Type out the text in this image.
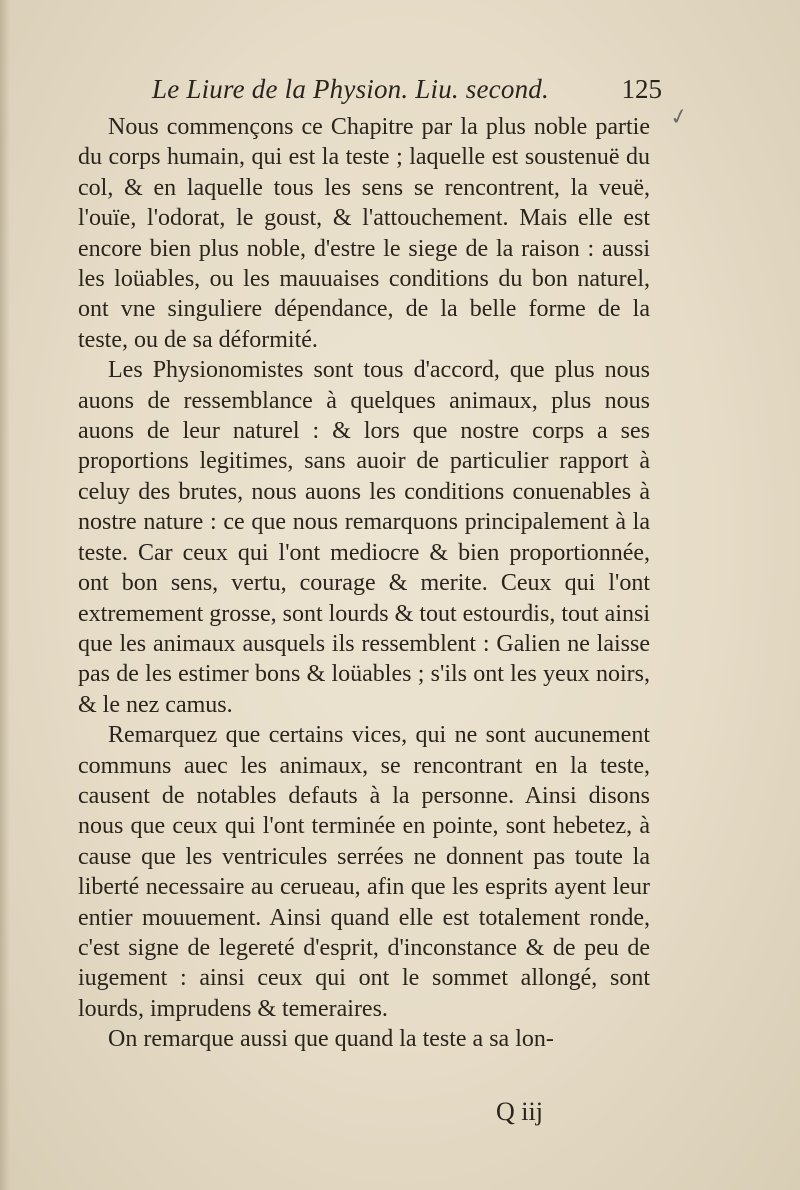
Le Liure de la Physion. Liu. second.	125
✓

Nous commençons ce Chapitre par la plus noble partie du corps humain, qui est la teste ; laquelle est soustenuë du col, & en laquelle tous les sens se rencontrent, la veuë, l'ouïe, l'odorat, le goust, & l'attouchement. Mais elle est encore bien plus noble, d'estre le siege de la raison : aussi les loüables, ou les mauuaises conditions du bon naturel, ont vne singuliere dépendance, de la belle forme de la teste, ou de sa déformité.

Les Physionomistes sont tous d'accord, que plus nous auons de ressemblance à quelques animaux, plus nous auons de leur naturel : & lors que nostre corps a ses proportions legitimes, sans auoir de particulier rapport à celuy des brutes, nous auons les conditions conuenables à nostre nature : ce que nous remarquons principalement à la teste. Car ceux qui l'ont mediocre & bien proportionnée, ont bon sens, vertu, courage & merite. Ceux qui l'ont extremement grosse, sont lourds & tout estourdis, tout ainsi que les animaux ausquels ils ressemblent : Galien ne laisse pas de les estimer bons & loüables ; s'ils ont les yeux noirs, & le nez camus.

Remarquez que certains vices, qui ne sont aucunement communs auec les animaux, se rencontrant en la teste, causent de notables defauts à la personne. Ainsi disons nous que ceux qui l'ont terminée en pointe, sont hebetez, à cause que les ventricules serrées ne donnent pas toute la liberté necessaire au cerueau, afin que les esprits ayent leur entier mouuement. Ainsi quand elle est totalement ronde, c'est signe de legereté d'esprit, d'inconstance & de peu de iugement : ainsi ceux qui ont le sommet allongé, sont lourds, imprudens & temeraires.

On remarque aussi que quand la teste a sa lon-

Q iij
